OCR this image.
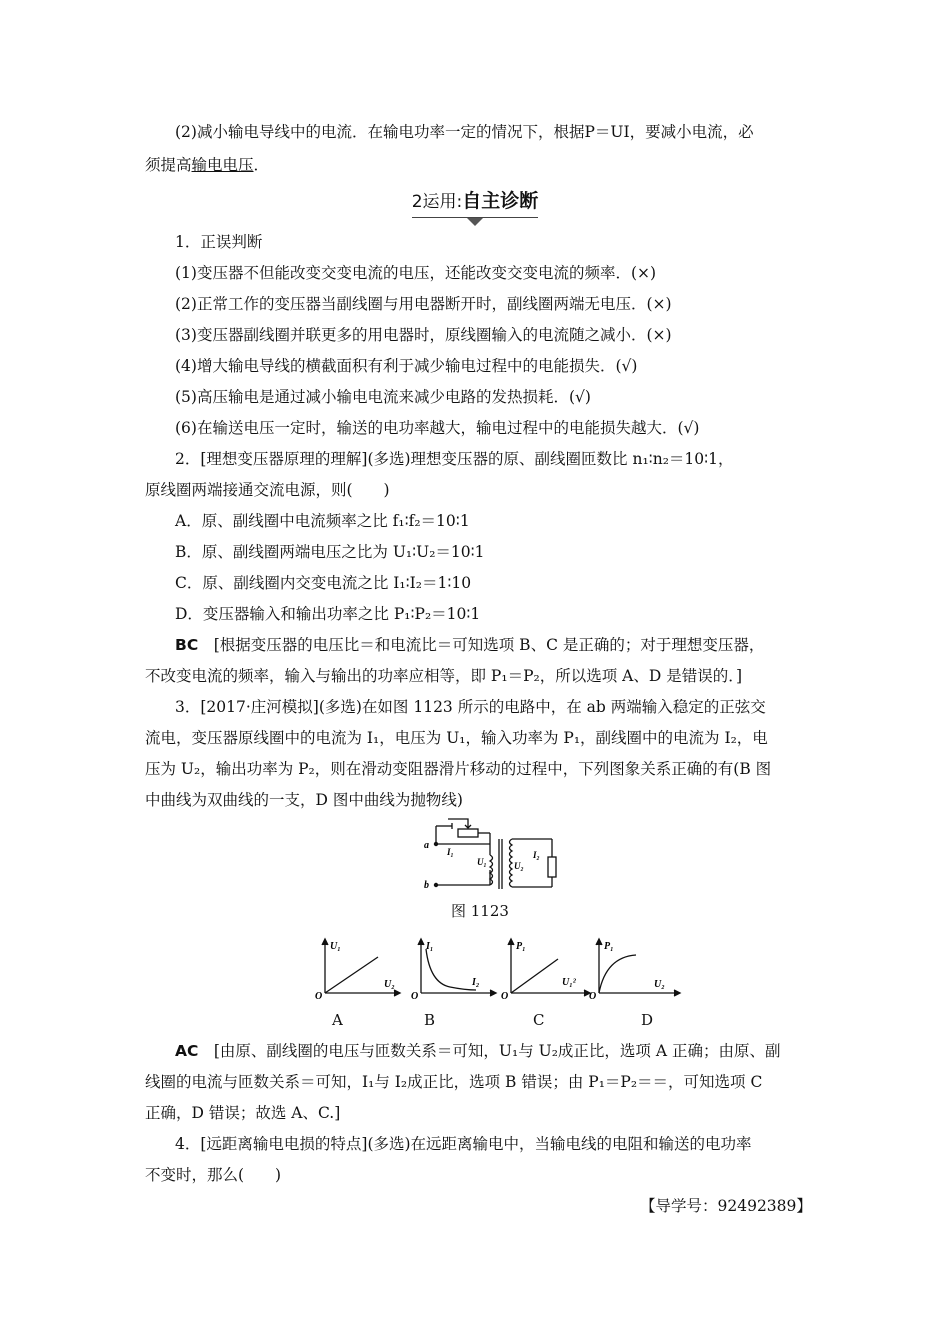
(2)减小输电导线中的电流．在输电功率一定的情况下，根据P＝UI，要减小电流，必
须提高输电电压．
2运用:自主诊断
1．正误判断
(1)变压器不但能改变交变电流的电压，还能改变交变电流的频率．(×)
(2)正常工作的变压器当副线圈与用电器断开时，副线圈两端无电压．(×)
(3)变压器副线圈并联更多的用电器时，原线圈输入的电流随之减小．(×)
(4)增大输电导线的横截面积有利于减少输电过程中的电能损失．(√)
(5)高压输电是通过减小输电电流来减少电路的发热损耗．(√)
(6)在输送电压一定时，输送的电功率越大，输电过程中的电能损失越大．(√)
2．[理想变压器原理的理解](多选)理想变压器的原、副线圈匝数比 n₁∶n₂＝10∶1，
原线圈两端接通交流电源，则(　　)
A．原、副线圈中电流频率之比 f₁∶f₂＝10∶1
B．原、副线圈两端电压之比为 U₁∶U₂＝10∶1
C．原、副线圈内交变电流之比 I₁∶I₂＝1∶10
D．变压器输入和输出功率之比 P₁∶P₂＝10∶1
BC　[根据变压器的电压比＝和电流比＝可知选项 B、C 是正确的；对于理想变压器，
不改变电流的频率，输入与输出的功率应相等，即 P₁＝P₂，所以选项 A、D 是错误的．]
3．[2017·庄河模拟](多选)在如图 1123 所示的电路中，在 ab 两端输入稳定的正弦交
流电，变压器原线圈中的电流为 I₁，电压为 U₁，输入功率为 P₁，副线圈中的电流为 I₂，电
压为 U₂，输出功率为 P₂，则在滑动变阻器滑片移动的过程中，下列图象关系正确的有(B 图
中曲线为双曲线的一支，D 图中曲线为抛物线)
a
b
I₁
U₁	U₂
I₂
图 1123
U₁
U₂
O
I₁
I₂
O
P₁
U₁²
O
P₁
U₂
O
A	B	C	D
AC　[由原、副线圈的电压与匝数关系＝可知，U₁与 U₂成正比，选项 A 正确；由原、副
线圈的电流与匝数关系＝可知，I₁与 I₂成正比，选项 B 错误；由 P₁＝P₂＝＝，可知选项 C
正确，D 错误；故选 A、C.]
4．[远距离输电电损的特点](多选)在远距离输电中，当输电线的电阻和输送的电功率
不变时，那么(　　)
【导学号：92492389】
